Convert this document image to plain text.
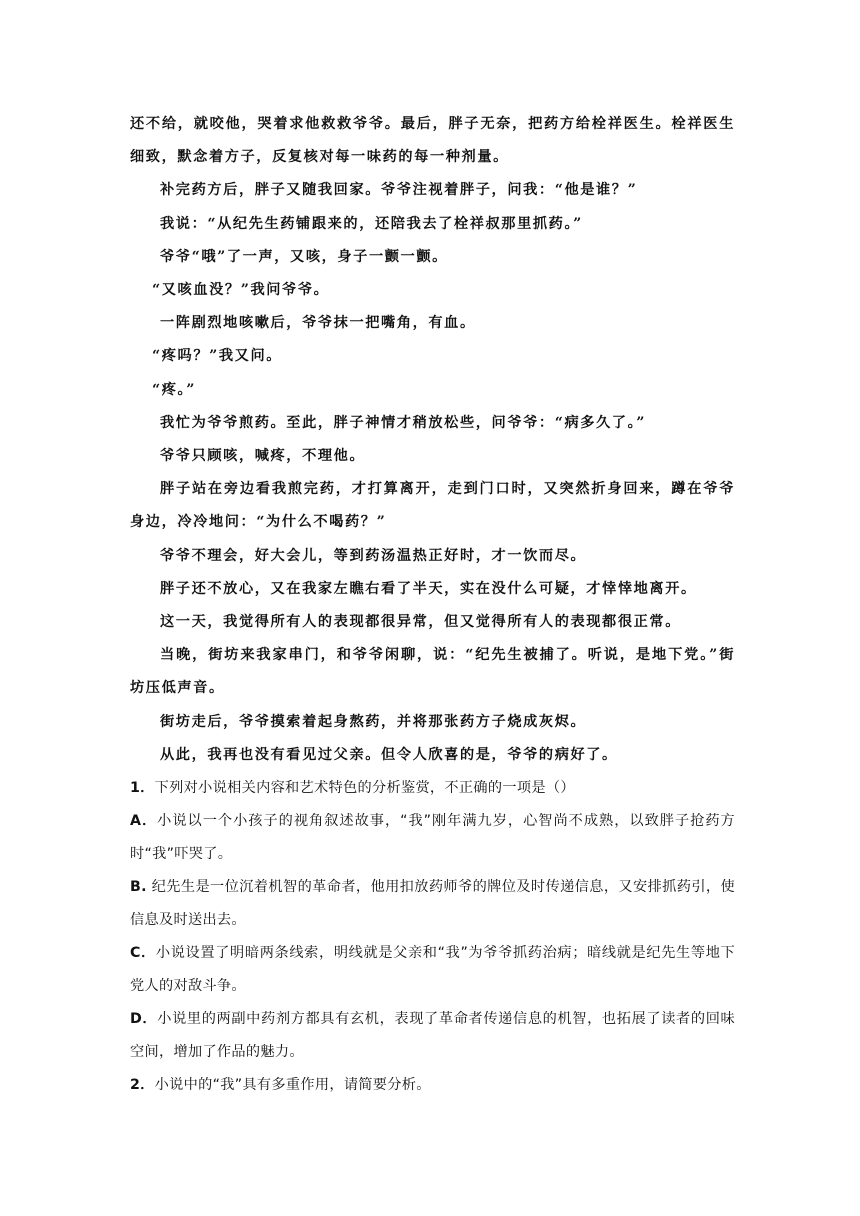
还不给，就咬他，哭着求他救救爷爷。最后，胖子无奈，把药方给栓祥医生。栓祥医生细致，默念着方子，反复核对每一味药的每一种剂量。

补完药方后，胖子又随我回家。爷爷注视着胖子，问我：“他是谁？”

我说：“从纪先生药铺跟来的，还陪我去了栓祥叔那里抓药。”

爷爷“哦”了一声，又咳，身子一颤一颤。

“又咳血没？”我问爷爷。

一阵剧烈地咳嗽后，爷爷抹一把嘴角，有血。

“疼吗？”我又问。

“疼。”

我忙为爷爷煎药。至此，胖子神情才稍放松些，问爷爷：“病多久了。”

爷爷只顾咳，喊疼，不理他。

胖子站在旁边看我煎完药，才打算离开，走到门口时，又突然折身回来，蹲在爷爷身边，冷冷地问：“为什么不喝药？”

爷爷不理会，好大会儿，等到药汤温热正好时，才一饮而尽。

胖子还不放心，又在我家左瞧右看了半天，实在没什么可疑，才悻悻地离开。

这一天，我觉得所有人的表现都很异常，但又觉得所有人的表现都很正常。

当晚，街坊来我家串门，和爷爷闲聊，说：“纪先生被捕了。听说，是地下党。”街坊压低声音。

街坊走后，爷爷摸索着起身熬药，并将那张药方子烧成灰烬。

从此，我再也没有看见过父亲。但令人欣喜的是，爷爷的病好了。

1．下列对小说相关内容和艺术特色的分析鉴赏，不正确的一项是（）

A．小说以一个小孩子的视角叙述故事，“我”刚年满九岁，心智尚不成熟，以致胖子抢药方时“我”吓哭了。

B. 纪先生是一位沉着机智的革命者，他用扣放药师爷的牌位及时传递信息，又安排抓药引，使信息及时送出去。

C．小说设置了明暗两条线索，明线就是父亲和“我”为爷爷抓药治病；暗线就是纪先生等地下党人的对敌斗争。

D．小说里的两副中药剂方都具有玄机，表现了革命者传递信息的机智，也拓展了读者的回味空间，增加了作品的魅力。

2．小说中的“我”具有多重作用，请简要分析。
